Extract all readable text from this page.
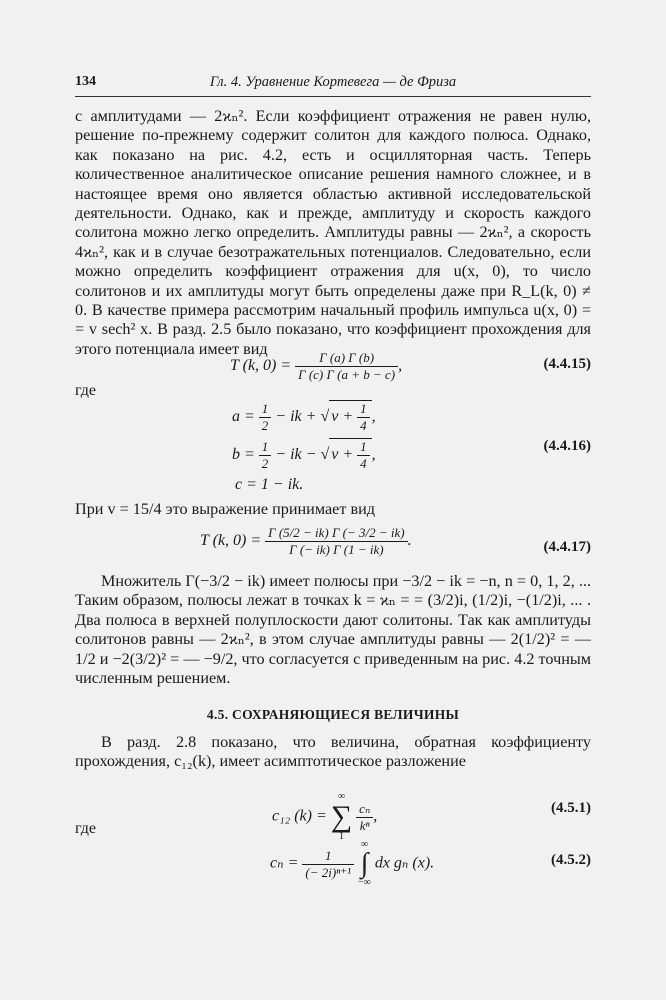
134	Гл. 4. Уравнение Кортевега — де Фриза

с амплитудами — 2ϰₙ². Если коэффициент отражения не равен нулю, решение по-прежнему содержит солитон для каждого полюса. Однако, как показано на рис. 4.2, есть и осцилляторная часть. Теперь количественное аналитическое описание решения намного сложнее, и в настоящее время оно является областью активной исследовательской деятельности. Однако, как и прежде, амплитуду и скорость каждого солитона можно легко определить. Амплитуды равны — 2ϰₙ², а скорость 4ϰₙ², как и в случае безотражательных потенциалов. Следовательно, если можно определить коэффициент отражения для u(x, 0), то число солитонов и их амплитуды могут быть определены даже при R_L(k, 0) ≠ 0. В качестве примера рассмотрим начальный профиль импульса u(x, 0) = = v sech² x. В разд. 2.5 было показано, что коэффициент прохождения для этого потенциала имеет вид

T (k, $0) = \frac{\Gamma (a) \Gamma (b)}{\Gamma (c) \Gamma (a + b - c)}$ ,	(4.4.15)
где
$a = \frac{1}{2}$ − ik + √ $v + \frac{1}{4}$ ,
$b = \frac{1}{2}$ − ik − √ $v + \frac{1}{4}$ ,
c = 1 − ik.
(4.4.16)

При v = 15/4 это выражение принимает вид

T (k, $0) = \frac{\Gamma (5/2 - ik) \Gamma (- 3/2 - ik)}{\Gamma (- ik) \Gamma (1 - ik)}$ .	(4.4.17)

Множитель Γ(−3/2 − ik) имеет полюсы при −3/2 − ik = −n, n = 0, 1, 2, ... Таким образом, полюсы лежат в точках k = ϰₙ = = (3/2)i, (1/2)i, −(1/2)i, ... . Два полюса в верхней полуплоскости дают солитоны. Так как амплитуды солитонов равны — 2ϰₙ², в этом случае амплитуды равны — 2(1/2)² = —1/2 и −2(3/2)² = — −9/2, что согласуется с приведенным на рис. 4.2 точным численным решением.

4.5. СОХРАНЯЮЩИЕСЯ ВЕЛИЧИНЫ

В разд. 2.8 показано, что величина, обратная коэффициенту прохождения, c₁₂(k), имеет асимптотическое разложение

c₁₂ (k) =
∞
∑
1

$\frac{\text{cₙ}}{\text{kⁿ}}$ ,	(4.5.1)
где
$c_n = \frac{1}{\text{(− 2i)ⁿ⁺¹}}$

∞
∫
−∞
dx gₙ (x).	(4.5.2)
